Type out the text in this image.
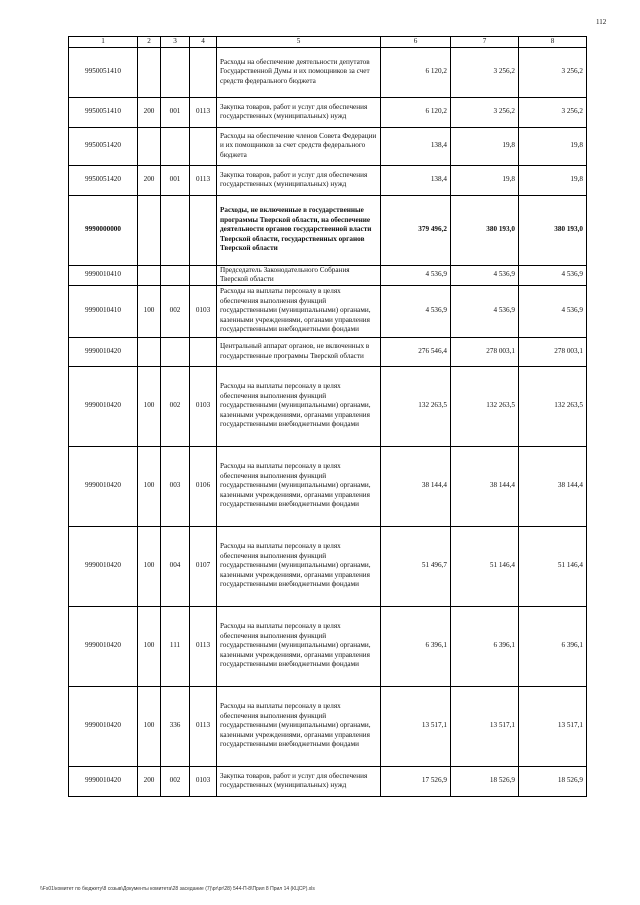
112
1	2	3	4	5	6	7	8
9950051410				Расходы на обеспечение деятельности депутатов Государственной Думы и их помощников за счет средств федерального бюджета	6 120,2	3 256,2	3 256,2
9950051410	200	001	0113	Закупка товаров, работ и услуг для обеспечения государственных (муниципальных) нужд	6 120,2	3 256,2	3 256,2
9950051420				Расходы на обеспечение членов Совета Федерации и их помощников за счет средств федерального бюджета	138,4	19,8	19,8
9950051420	200	001	0113	Закупка товаров, работ и услуг для обеспечения государственных (муниципальных) нужд	138,4	19,8	19,8
9990000000				Расходы, не включенные в государственные программы Тверской области, на обеспечение деятельности органов государственной власти Тверской области, государственных органов Тверской области	379 496,2	380 193,0	380 193,0
9990010410				Председатель Законодательного Собрания Тверской области	4 536,9	4 536,9	4 536,9
9990010410	100	002	0103	Расходы на выплаты персоналу в целях обеспечения выполнения функций государственными (муниципальными) органами, казенными учреждениями, органами управления государственными внебюджетными фондами	4 536,9	4 536,9	4 536,9
9990010420				Центральный аппарат органов, не включенных в государственные программы Тверской области	276 546,4	278 003,1	278 003,1
9990010420	100	002	0103	Расходы на выплаты персоналу в целях обеспечения выполнения функций государственными (муниципальными) органами, казенными учреждениями, органами управления государственными внебюджетными фондами	132 263,5	132 263,5	132 263,5
9990010420	100	003	0106	Расходы на выплаты персоналу в целях обеспечения выполнения функций государственными (муниципальными) органами, казенными учреждениями, органами управления государственными внебюджетными фондами	38 144,4	38 144,4	38 144,4
9990010420	100	004	0107	Расходы на выплаты персоналу в целях обеспечения выполнения функций государственными (муниципальными) органами, казенными учреждениями, органами управления государственными внебюджетными фондами	51 496,7	51 146,4	51 146,4
9990010420	100	111	0113	Расходы на выплаты персоналу в целях обеспечения выполнения функций государственными (муниципальными) органами, казенными учреждениями, органами управления государственными внебюджетными фондами	6 396,1	6 396,1	6 396,1
9990010420	100	336	0113	Расходы на выплаты персоналу в целях обеспечения выполнения функций государственными (муниципальными) органами, казенными учреждениями, органами управления государственными внебюджетными фондами	13 517,1	13 517,1	13 517,1
9990010420	200	002	0103	Закупка товаров, работ и услуг для обеспечения государственных (муниципальных) нужд	17 526,9	18 526,9	18 526,9
\\Fs01\комитет по бюджету\8 созыв\Документы комитета\28 заседание (7)\pr\pr\28) 544-П-8\Прил 8 Прил 14 (КЦСР).xls
